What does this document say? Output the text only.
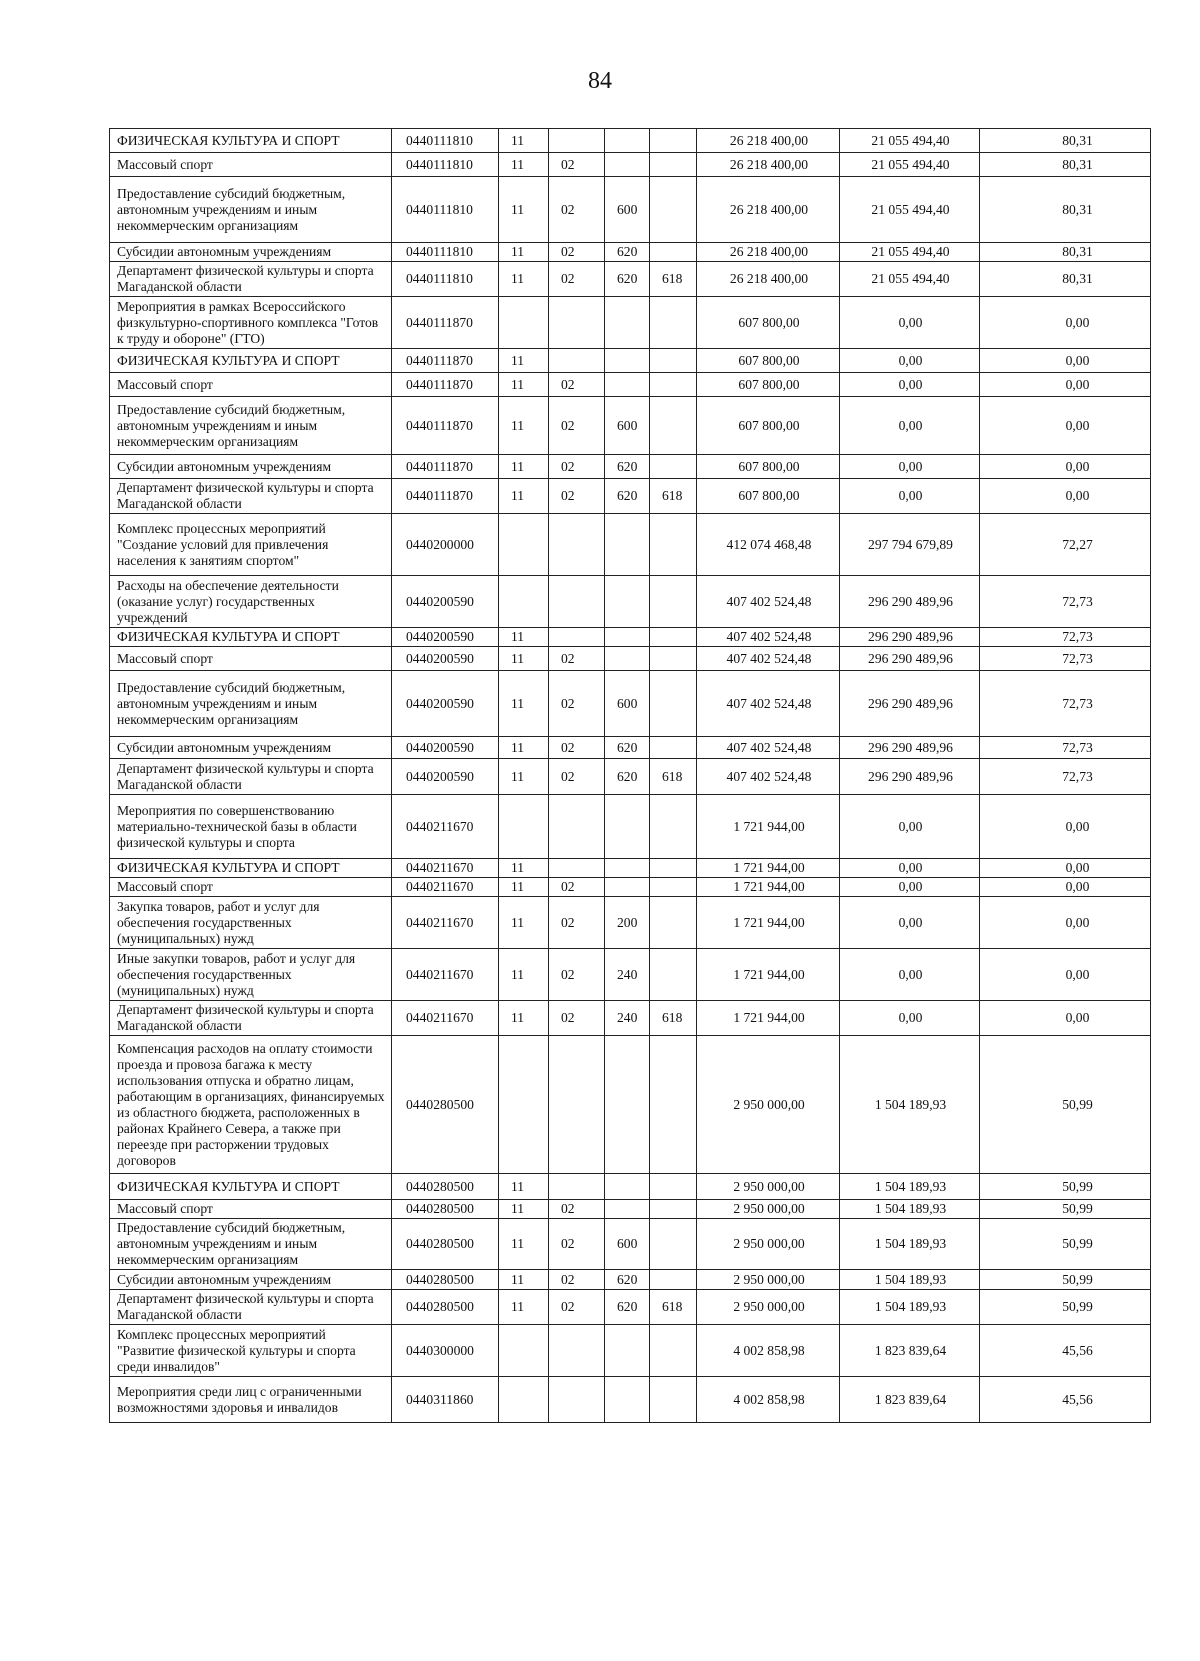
84
ФИЗИЧЕСКАЯ КУЛЬТУРА И СПОРТ	0440111810	11				26 218 400,00	21 055 494,40	80,31
Массовый спорт	0440111810	11	02			26 218 400,00	21 055 494,40	80,31
Предоставление субсидий бюджетным, автономным учреждениям и иным некоммерческим организациям	0440111810	11	02	600		26 218 400,00	21 055 494,40	80,31
Субсидии автономным учреждениям	0440111810	11	02	620		26 218 400,00	21 055 494,40	80,31
Департамент физической культуры и спорта Магаданской области	0440111810	11	02	620	618	26 218 400,00	21 055 494,40	80,31
Мероприятия в рамках Всероссийского физкультурно-спортивного комплекса "Готов к труду и обороне" (ГТО)	0440111870					607 800,00	0,00	0,00
ФИЗИЧЕСКАЯ КУЛЬТУРА И СПОРТ	0440111870	11				607 800,00	0,00	0,00
Массовый спорт	0440111870	11	02			607 800,00	0,00	0,00
Предоставление субсидий бюджетным, автономным учреждениям и иным некоммерческим организациям	0440111870	11	02	600		607 800,00	0,00	0,00
Субсидии автономным учреждениям	0440111870	11	02	620		607 800,00	0,00	0,00
Департамент физической культуры и спорта Магаданской области	0440111870	11	02	620	618	607 800,00	0,00	0,00
Комплекс процессных мероприятий "Создание условий для привлечения населения к занятиям спортом"	0440200000					412 074 468,48	297 794 679,89	72,27
Расходы на обеспечение деятельности (оказание услуг) государственных учреждений	0440200590					407 402 524,48	296 290 489,96	72,73
ФИЗИЧЕСКАЯ КУЛЬТУРА И СПОРТ	0440200590	11				407 402 524,48	296 290 489,96	72,73
Массовый спорт	0440200590	11	02			407 402 524,48	296 290 489,96	72,73
Предоставление субсидий бюджетным, автономным учреждениям и иным некоммерческим организациям	0440200590	11	02	600		407 402 524,48	296 290 489,96	72,73
Субсидии автономным учреждениям	0440200590	11	02	620		407 402 524,48	296 290 489,96	72,73
Департамент физической культуры и спорта Магаданской области	0440200590	11	02	620	618	407 402 524,48	296 290 489,96	72,73
Мероприятия по совершенствованию материально-технической базы в области физической культуры и спорта	0440211670					1 721 944,00	0,00	0,00
ФИЗИЧЕСКАЯ КУЛЬТУРА И СПОРТ	0440211670	11				1 721 944,00	0,00	0,00
Массовый спорт	0440211670	11	02			1 721 944,00	0,00	0,00
Закупка товаров, работ и услуг для обеспечения государственных (муниципальных) нужд	0440211670	11	02	200		1 721 944,00	0,00	0,00
Иные закупки товаров, работ и услуг для обеспечения государственных (муниципальных) нужд	0440211670	11	02	240		1 721 944,00	0,00	0,00
Департамент физической культуры и спорта Магаданской области	0440211670	11	02	240	618	1 721 944,00	0,00	0,00
Компенсация расходов на оплату стоимости проезда и провоза багажа к месту использования отпуска и обратно лицам, работающим в организациях, финансируемых из областного бюджета, расположенных в районах Крайнего Севера, а также при переезде при расторжении трудовых договоров	0440280500					2 950 000,00	1 504 189,93	50,99
ФИЗИЧЕСКАЯ КУЛЬТУРА И СПОРТ	0440280500	11				2 950 000,00	1 504 189,93	50,99
Массовый спорт	0440280500	11	02			2 950 000,00	1 504 189,93	50,99
Предоставление субсидий бюджетным, автономным учреждениям и иным некоммерческим организациям	0440280500	11	02	600		2 950 000,00	1 504 189,93	50,99
Субсидии автономным учреждениям	0440280500	11	02	620		2 950 000,00	1 504 189,93	50,99
Департамент физической культуры и спорта Магаданской области	0440280500	11	02	620	618	2 950 000,00	1 504 189,93	50,99
Комплекс процессных мероприятий "Развитие физической культуры и спорта среди инвалидов"	0440300000					4 002 858,98	1 823 839,64	45,56
Мероприятия среди лиц с ограниченными возможностями здоровья и инвалидов	0440311860					4 002 858,98	1 823 839,64	45,56
